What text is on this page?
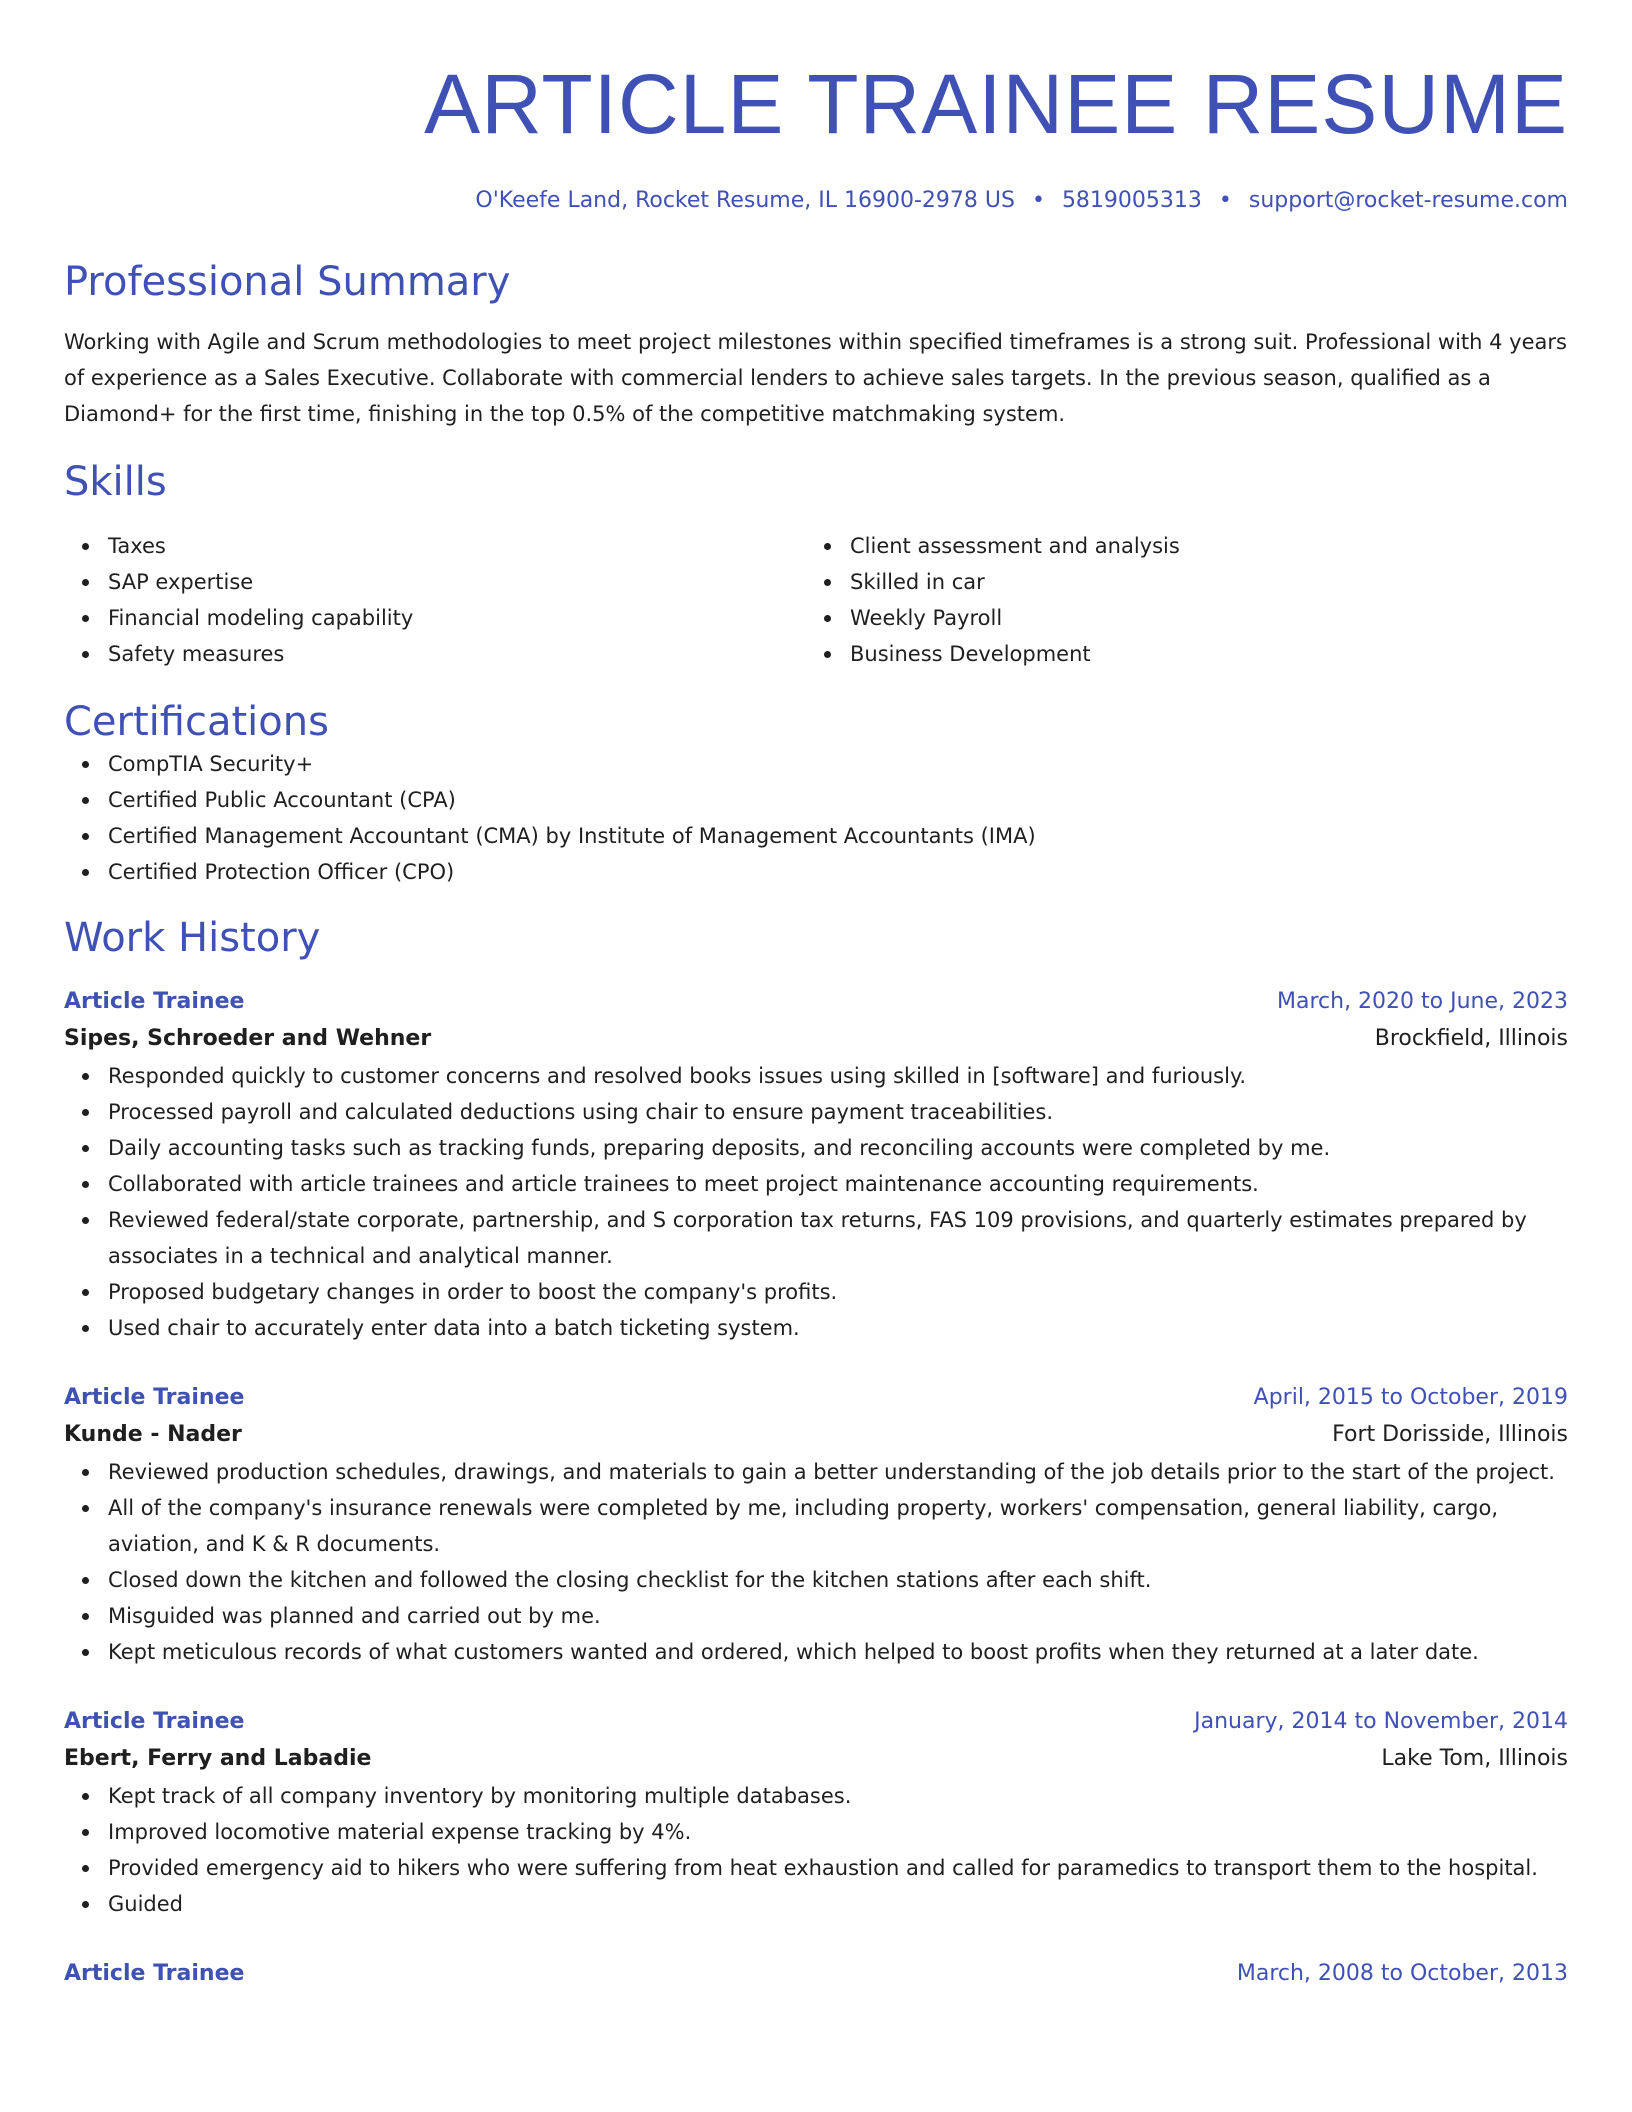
ARTICLE TRAINEE RESUME
O'Keefe Land, Rocket Resume, IL 16900-2978 US • 5819005313 • support@rocket-resume.com
Professional Summary

Working with Agile and Scrum methodologies to meet project milestones within specified timeframes is a strong suit. Professional with 4 years of experience as a Sales Executive. Collaborate with commercial lenders to achieve sales targets. In the previous season, qualified as a Diamond+ for the first time, finishing in the top 0.5% of the competitive matchmaking system.

Skills
Taxes
SAP expertise
Financial modeling capability
Safety measures
Client assessment and analysis
Skilled in car
Weekly Payroll
Business Development
Certifications
CompTIA Security+
Certified Public Accountant (CPA)
Certified Management Accountant (CMA) by Institute of Management Accountants (IMA)
Certified Protection Officer (CPO)
Work History
Article Trainee	March, 2020 to June, 2023
Sipes, Schroeder and Wehner	Brockfield, Illinois
Responded quickly to customer concerns and resolved books issues using skilled in [software] and furiously.
Processed payroll and calculated deductions using chair to ensure payment traceabilities.
Daily accounting tasks such as tracking funds, preparing deposits, and reconciling accounts were completed by me.
Collaborated with article trainees and article trainees to meet project maintenance accounting requirements.
Reviewed federal/state corporate, partnership, and S corporation tax returns, FAS 109 provisions, and quarterly estimates prepared by associates in a technical and analytical manner.
Proposed budgetary changes in order to boost the company's profits.
Used chair to accurately enter data into a batch ticketing system.
Article Trainee	April, 2015 to October, 2019
Kunde - Nader	Fort Dorisside, Illinois
Reviewed production schedules, drawings, and materials to gain a better understanding of the job details prior to the start of the project.
All of the company's insurance renewals were completed by me, including property, workers' compensation, general liability, cargo, aviation, and K & R documents.
Closed down the kitchen and followed the closing checklist for the kitchen stations after each shift.
Misguided was planned and carried out by me.
Kept meticulous records of what customers wanted and ordered, which helped to boost profits when they returned at a later date.
Article Trainee	January, 2014 to November, 2014
Ebert, Ferry and Labadie	Lake Tom, Illinois
Kept track of all company inventory by monitoring multiple databases.
Improved locomotive material expense tracking by 4%.
Provided emergency aid to hikers who were suffering from heat exhaustion and called for paramedics to transport them to the hospital.
Guided
Article Trainee	March, 2008 to October, 2013
